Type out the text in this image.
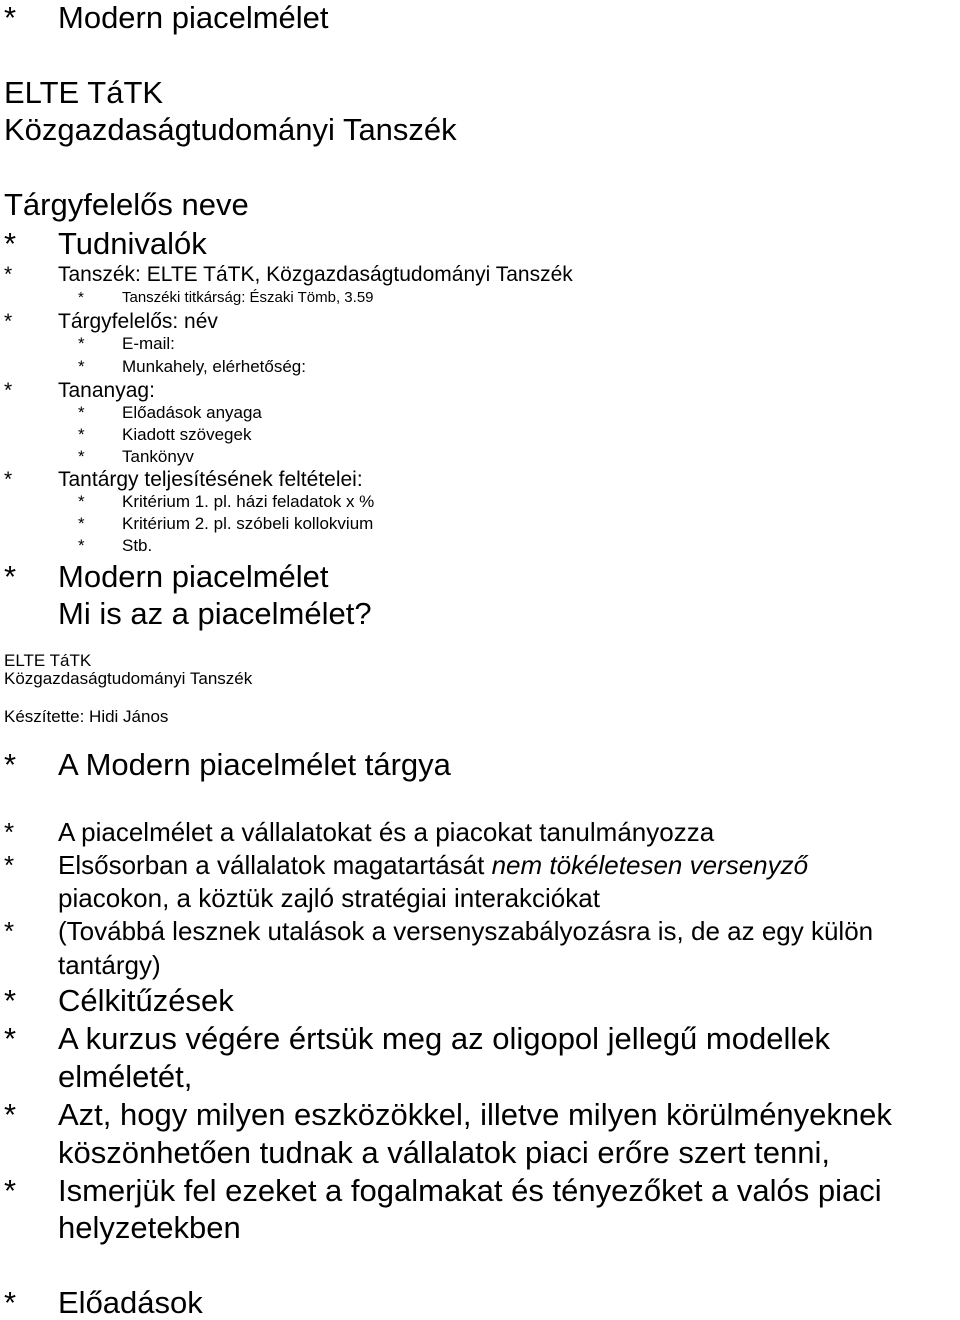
* Modern piacelmélet
ELTE TáTK
Közgazdaságtudományi Tanszék
Tárgyfelelős neve
* Tudnivalók
* Tanszék: ELTE TáTK, Közgazdaságtudományi Tanszék
*	Tanszéki titkárság: Északi Tömb, 3.59
* Tárgyfelelős: név
* E-mail:
* Munkahely, elérhetőség:
* Tananyag:
* Előadások anyaga
* Kiadott szövegek
* Tankönyv
* Tantárgy teljesítésének feltételei:
* Kritérium 1. pl. házi feladatok x %
* Kritérium 2. pl. szóbeli kollokvium
* Stb.
* Modern piacelmélet
Mi is az a piacelmélet?
ELTE TáTK
Közgazdaságtudományi Tanszék
Készítette: Hidi János
* A Modern piacelmélet tárgya
* A piacelmélet a vállalatokat és a piacokat tanulmányozza
* Elsősorban a vállalatok magatartását nem tökéletesen versenyző
piacokon, a köztük zajló stratégiai interakciókat
* (Továbbá lesznek utalások a versenyszabályozásra is, de az egy külön
tantárgy)
* Célkitűzések
* A kurzus végére értsük meg az oligopol jellegű modellek
elméletét,
* Azt, hogy milyen eszközökkel, illetve milyen körülményeknek
köszönhetően tudnak a vállalatok piaci erőre szert tenni,
* Ismerjük fel ezeket a fogalmakat és tényezőket a valós piaci
helyzetekben
* Előadások
